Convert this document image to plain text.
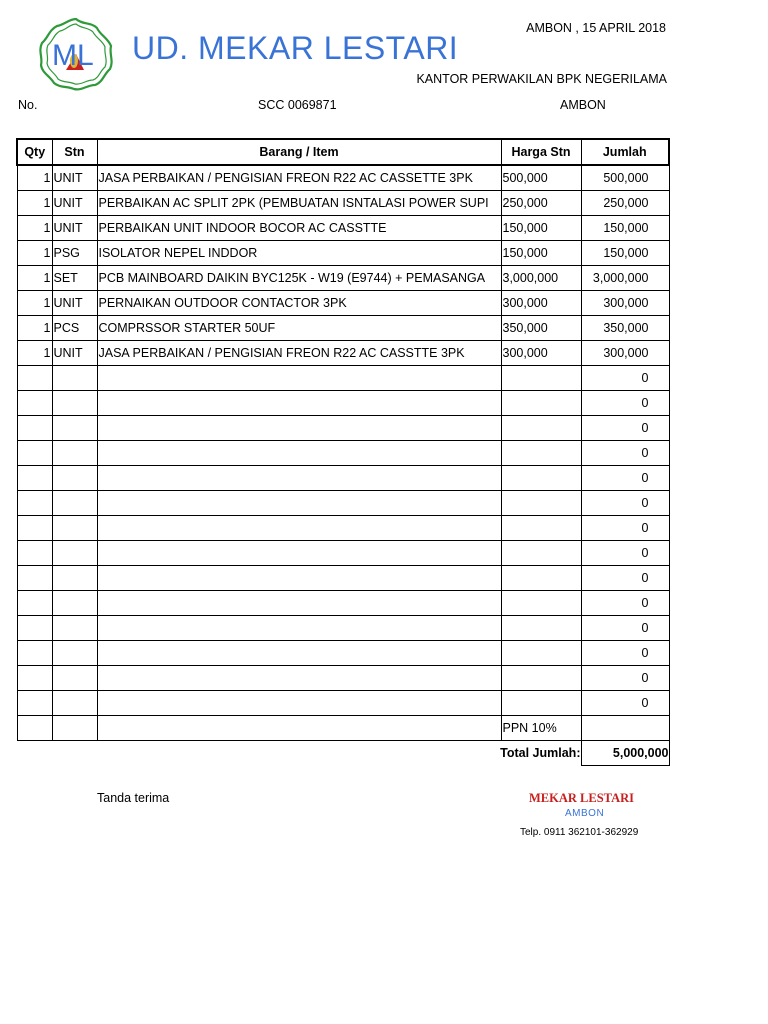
ML UD. MEKAR LESTARI
AMBON , 15 APRIL 2018
KANTOR PERWAKILAN BPK NEGERILAMA
No.	SCC 0069871	AMBON
Qty	Stn	Barang / Item	Harga Stn	Jumlah
1	UNIT	JASA PERBAIKAN / PENGISIAN FREON R22 AC CASSETTE 3PK	500,000	500,000
1	UNIT	PERBAIKAN AC SPLIT 2PK (PEMBUATAN ISNTALASI POWER SUPI	250,000	250,000
1	UNIT	PERBAIKAN UNIT INDOOR BOCOR AC CASSTTE	150,000	150,000
1	PSG	ISOLATOR NEPEL INDDOR	150,000	150,000
1	SET	PCB MAINBOARD DAIKIN BYC125K - W19 (E9744) + PEMASANGA	3,000,000	3,000,000
1	UNIT	PERNAIKAN OUTDOOR CONTACTOR 3PK	300,000	300,000
1	PCS	COMPRSSOR STARTER 50UF	350,000	350,000
1	UNIT	JASA PERBAIKAN / PENGISIAN FREON R22 AC CASSTTE 3PK	300,000	300,000
				0
				0
				0
				0
				0
				0
				0
				0
				0
				0
				0
				0
				0
				0
			PPN 10%	
Total Jumlah:				5,000,000
Tanda terima	MEKAR LESTARI
AMBON
Telp. 0911 362101-362929
